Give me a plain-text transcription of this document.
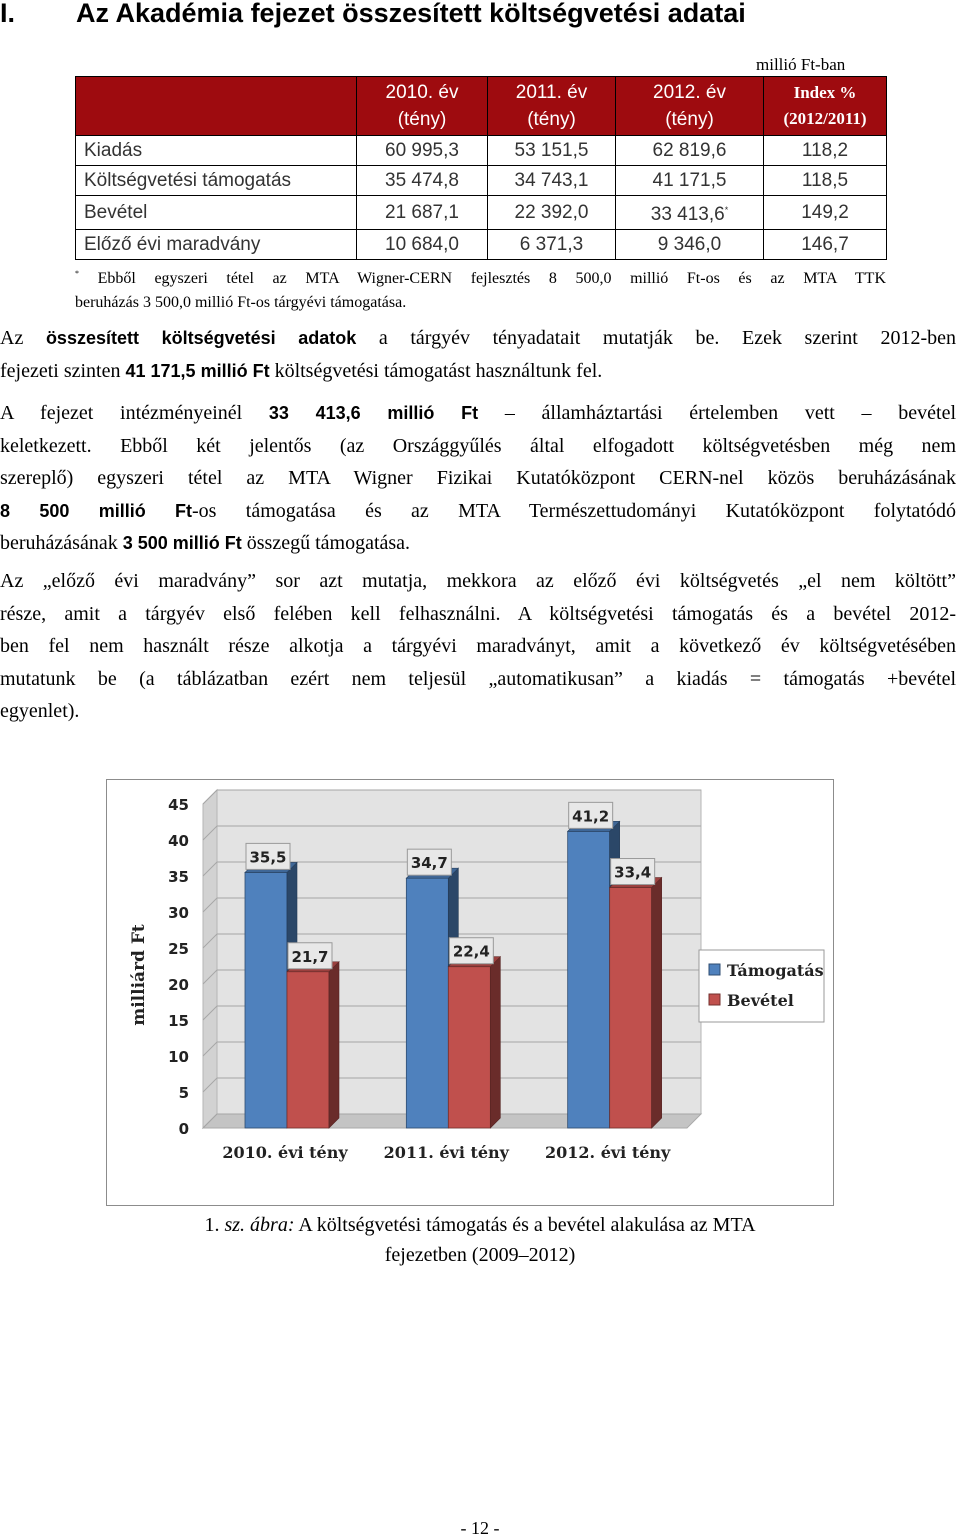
I. Az Akadémia fejezet összesített költségvetési adatai
millió Ft-ban
	2010. év
(tény)	2011. év
(tény)	2012. év
(tény)	Index %
(2012/2011)
Kiadás	60 995,3	53 151,5	62 819,6	118,2
Költségvetési támogatás	35 474,8	34 743,1	41 171,5	118,5
Bevétel	21 687,1	22 392,0	33 413,6*	149,2
Előző évi maradvány	10 684,0	6 371,3	9 346,0	146,7
* Ebből egyszeri tétel az MTA Wigner-CERN fejlesztés 8 500,0 millió Ft-os és az MTA TTK
beruházás 3 500,0 millió Ft-os tárgyévi támogatása.
Az összesített költségvetési adatok a tárgyév tényadatait mutatják be. Ezek szerint 2012-ben
fejezeti szinten 41 171,5 millió Ft költségvetési támogatást használtunk fel.
A fejezet intézményeinél 33 413,6 millió Ft – államháztartási értelemben vett – bevétel
keletkezett. Ebből két jelentős (az Országgyűlés által elfogadott költségvetésben még nem
szereplő) egyszeri tétel az MTA Wigner Fizikai Kutatóközpont CERN-nel közös beruházásának
8 500 millió Ft-os támogatása és az MTA Természettudományi Kutatóközpont folytatódó
beruházásának 3 500 millió Ft összegű támogatása.
Az „előző évi maradvány” sor azt mutatja, mekkora az előző évi költségvetés „el nem költött”
része, amit a tárgyév első felében kell felhasználni. A költségvetési támogatás és a bevétel 2012-
ben fel nem használt része alkotja a tárgyévi maradványt, amit a következő év költségvetésében
mutatunk be (a táblázatban ezért nem teljesül „automatikusan” a kiadás = támogatás +bevétel
egyenlet).
0
5
10
15
20
25
30
35
40
45
milliárd Ft
35,5
21,7
2010. évi tény
34,7
22,4
2011. évi tény
41,2
33,4
2012. évi tény
Támogatás
Bevétel
1. sz. ábra: A költségvetési támogatás és a bevétel alakulása az MTA
fejezetben (2009–2012)
- 12 -
